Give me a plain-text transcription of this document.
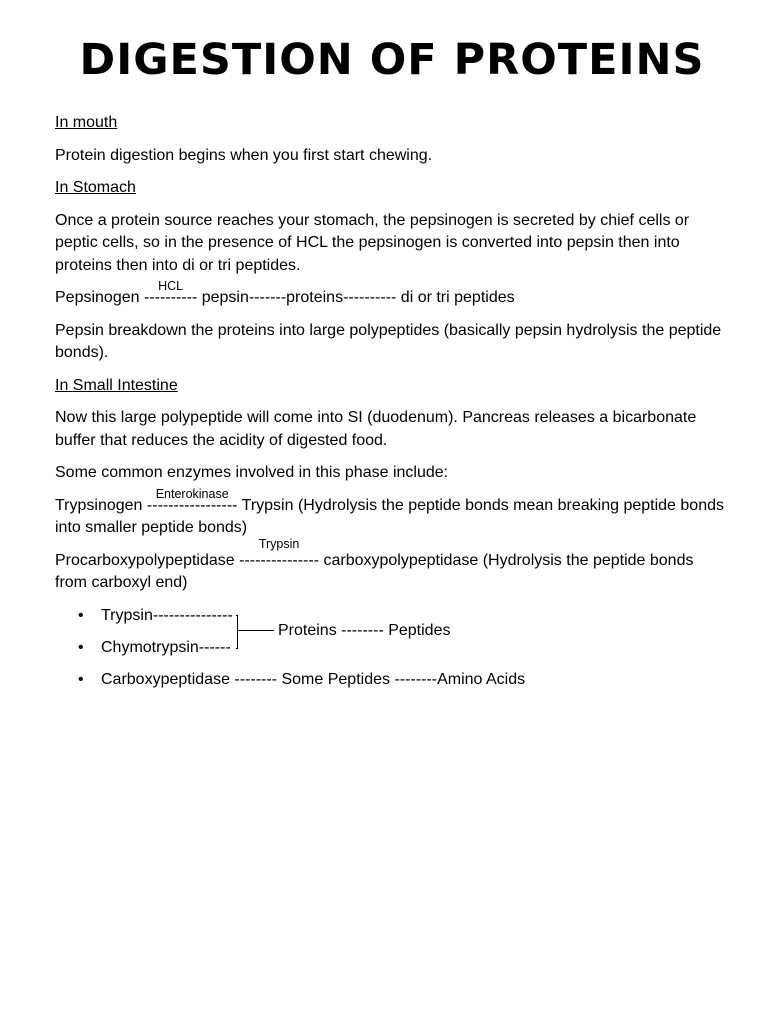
DIGESTION OF PROTEINS

In mouth

Protein digestion begins when you first start chewing.

In Stomach

Once a protein source reaches your stomach, the pepsinogen is secreted by chief cells or peptic cells, so in the presence of HCL the pepsinogen is converted into pepsin then into proteins then into di or tri peptides.

Pepsinogen
HCL
---------- pepsin-------proteins---------- di or tri peptides

Pepsin breakdown the proteins into large polypeptides (basically pepsin hydrolysis the peptide bonds).

In Small Intestine

Now this large polypeptide will come into SI (duodenum). Pancreas releases a bicarbonate buffer that reduces the acidity of digested food.

Some common enzymes involved in this phase include:

Trypsinogen
Enterokinase
----------------- Trypsin (Hydrolysis the peptide bonds mean breaking peptide bonds into smaller peptide bonds)

Procarboxypolypeptidase
Trypsin
--------------- carboxypolypeptidase (Hydrolysis the peptide bonds from carboxyl end)

• Trypsin---------------
• Chymotrypsin------
Proteins -------- Peptides
• Carboxypeptidase -------- Some Peptides --------Amino Acids
